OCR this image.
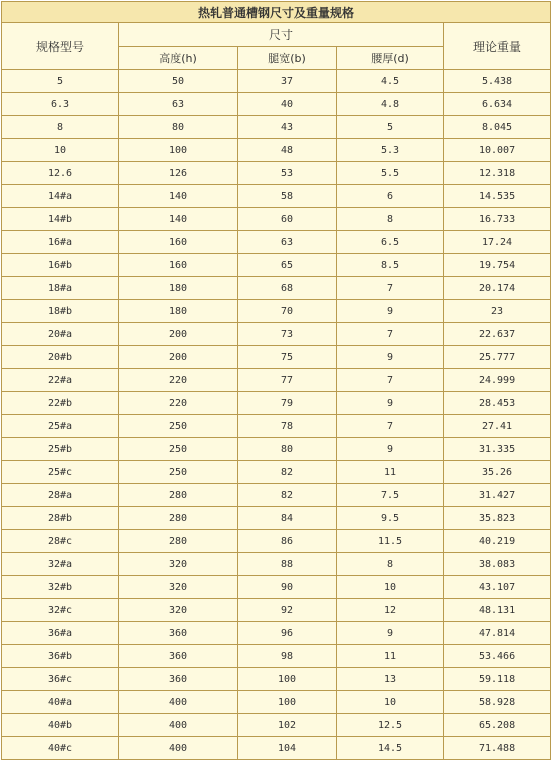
热轧普通槽钢尺寸及重量规格				
规格型号	尺寸			理论重量
	高度(h)	腿宽(b)	腰厚(d)	
5	50	37	4.5	5.438
6.3	63	40	4.8	6.634
8	80	43	5	8.045
10	100	48	5.3	10.007
12.6	126	53	5.5	12.318
14#a	140	58	6	14.535
14#b	140	60	8	16.733
16#a	160	63	6.5	17.24
16#b	160	65	8.5	19.754
18#a	180	68	7	20.174
18#b	180	70	9	23
20#a	200	73	7	22.637
20#b	200	75	9	25.777
22#a	220	77	7	24.999
22#b	220	79	9	28.453
25#a	250	78	7	27.41
25#b	250	80	9	31.335
25#c	250	82	11	35.26
28#a	280	82	7.5	31.427
28#b	280	84	9.5	35.823
28#c	280	86	11.5	40.219
32#a	320	88	8	38.083
32#b	320	90	10	43.107
32#c	320	92	12	48.131
36#a	360	96	9	47.814
36#b	360	98	11	53.466
36#c	360	100	13	59.118
40#a	400	100	10	58.928
40#b	400	102	12.5	65.208
40#c	400	104	14.5	71.488
